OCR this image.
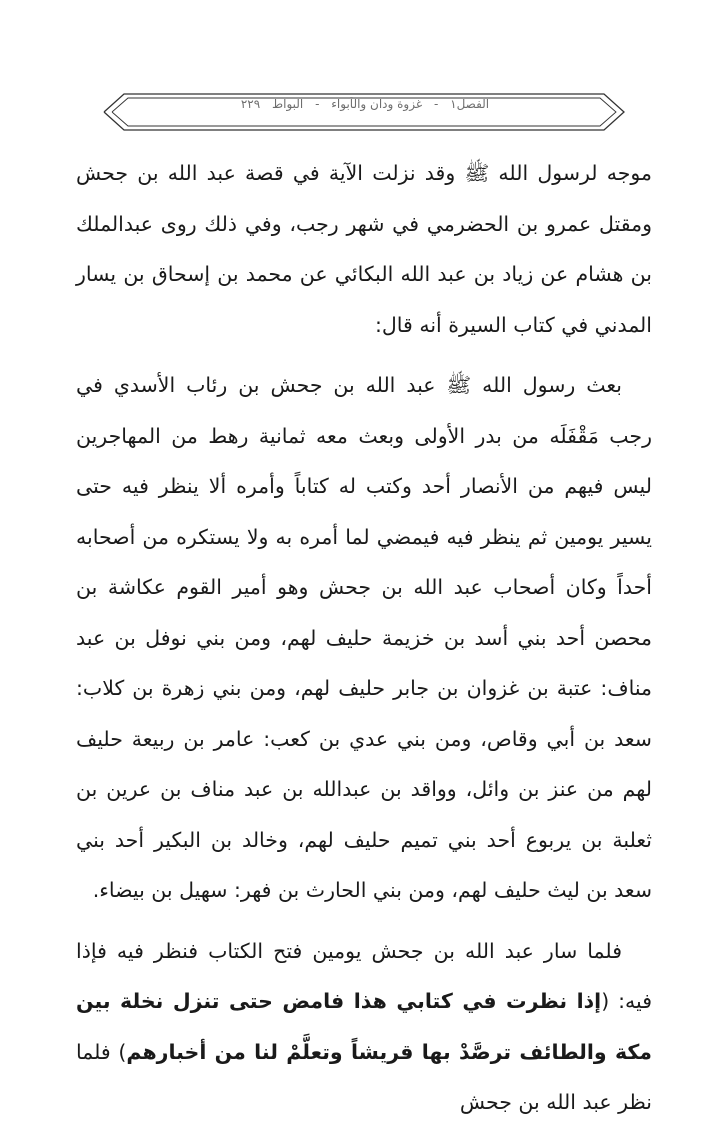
الفصل١ - غزوة ودان والأبواء - البواط ٢٢٩

موجه لرسول الله ﷺ وقد نزلت الآية في قصة عبد الله بن جحش ومقتل عمرو بن الحضرمي في شهر رجب، وفي ذلك روى عبدالملك بن هشام عن زياد بن عبد الله البكائي عن محمد بن إسحاق بن يسار المدني في كتاب السيرة أنه قال:

بعث رسول الله ﷺ عبد الله بن جحش بن رئاب الأسدي في رجب مَقْفَلَه من بدر الأولى وبعث معه ثمانية رهط من المهاجرين ليس فيهم من الأنصار أحد وكتب له كتاباً وأمره ألا ينظر فيه حتى يسير يومين ثم ينظر فيه فيمضي لما أمره به ولا يستكره من أصحابه أحداً وكان أصحاب عبد الله بن جحش وهو أمير القوم عكاشة بن محصن أحد بني أسد بن خزيمة حليف لهم، ومن بني نوفل بن عبد مناف: عتبة بن غزوان بن جابر حليف لهم، ومن بني زهرة بن كلاب: سعد بن أبي وقاص، ومن بني عدي بن كعب: عامر بن ربيعة حليف لهم من عنز بن وائل، وواقد بن عبدالله بن عبد مناف بن عرين بن ثعلبة بن يربوع أحد بني تميم حليف لهم، وخالد بن البكير أحد بني سعد بن ليث حليف لهم، ومن بني الحارث بن فهر: سهيل بن بيضاء.

فلما سار عبد الله بن جحش يومين فتح الكتاب فنظر فيه فإذا فيه: (إذا نظرت في كتابي هذا فامض حتى تنزل نخلة بين مكة والطائف ترصَّدْ بها قريشاً وتعلَّمْ لنا من أخبارهم) فلما نظر عبد الله بن جحش
